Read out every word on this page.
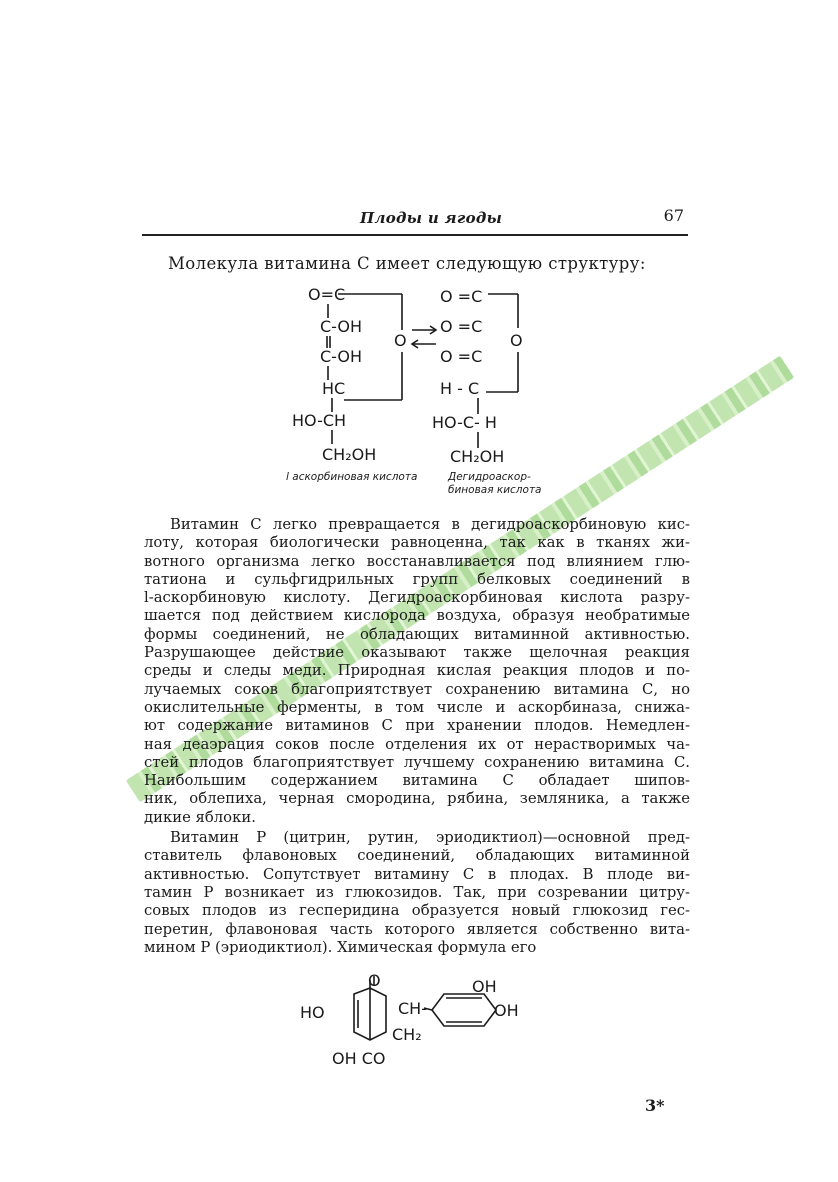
Плоды и ягоды	67
Молекула витамина С имеет следующую структуру:
O=C
C-OH
C-OH
HC
HO-CH
CH₂OH
O
O =C
O =C
O =C
H - C
HO-C- H
CH₂OH
O
l аскорбиновая кислота	Дегидроаскор-
биновая кислота
Витамин С легко превращается в дегидроаскорбиновую кис-
лоту, которая биологически равноценна, так как в тканях жи-
вотного организма легко восстанавливается под влиянием глю-
татиона и сульфгидрильных групп белковых соединений в
l-аскорбиновую кислоту. Дегидроаскорбиновая кислота разру-
шается под действием кислорода воздуха, образуя необратимые
формы соединений, не обладающих витаминной активностью.
Разрушающее действие оказывают также щелочная реакция
среды и следы меди. Природная кислая реакция плодов и по-
лучаемых соков благоприятствует сохранению витамина С, но
окислительные ферменты, в том числе и аскорбиназа, снижа-
ют содержание витаминов С при хранении плодов. Немедлен-
ная деаэрация соков после отделения их от нерастворимых ча-
стей плодов благоприятствует лучшему сохранению витамина С.
Наибольшим содержанием витамина С обладает шипов-
ник, облепиха, черная смородина, рябина, земляника, а также
дикие яблоки.
Витамин Р (цитрин, рутин, эриодиктиол)—основной пред-
ставитель флавоновых соединений, обладающих витаминной
активностью. Сопутствует витамину С в плодах. В плоде ви-
тамин Р возникает из глюкозидов. Так, при созревании цитру-
совых плодов из гесперидина образуется новый глюкозид гес-
перетин, флавоновая часть которого является собственно вита-
мином Р (эриодиктиол). Химическая формула его
O
HO	CH-
CH₂
OH CO
OH
OH
3*
